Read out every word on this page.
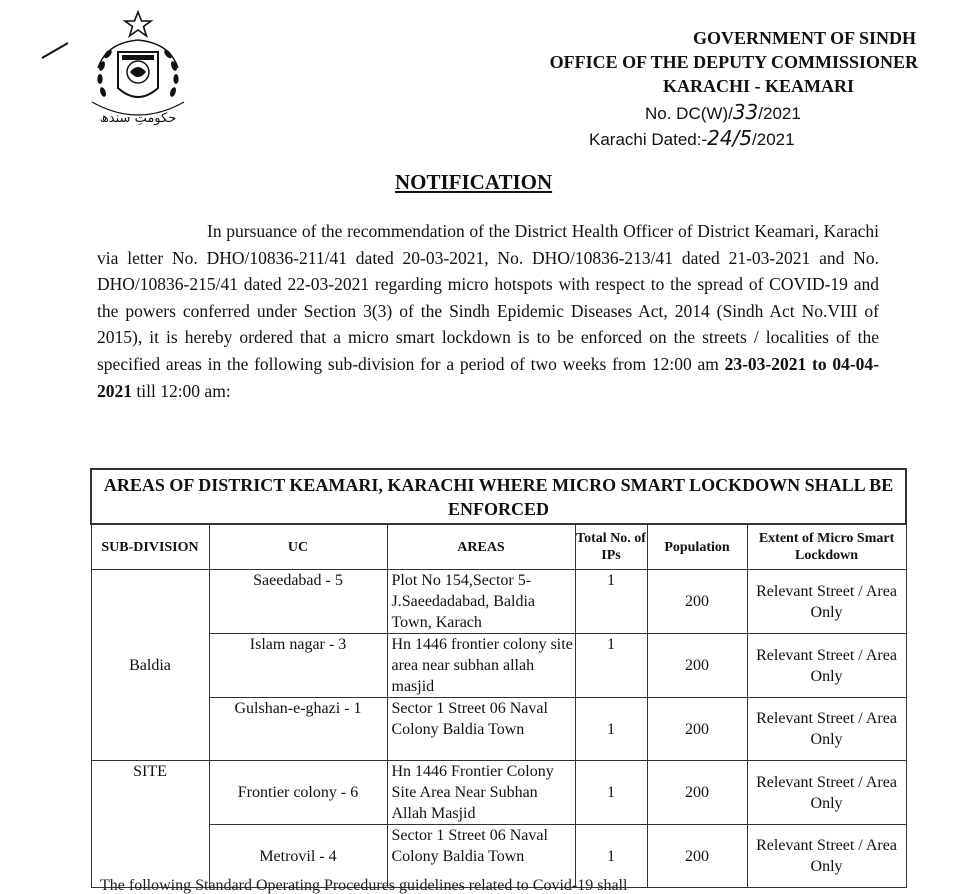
حکومتِ سندھ
GOVERNMENT OF SINDH
OFFICE OF THE DEPUTY COMMISSIONER
KARACHI - KEAMARI
No. DC(W)/33/2021
Karachi Dated:-24/5/2021
NOTIFICATION
In pursuance of the recommendation of the District Health Officer of District Keamari, Karachi via letter No. DHO/10836-211/41 dated 20-03-2021, No. DHO/10836-213/41 dated 21-03-2021 and No. DHO/10836-215/41 dated 22-03-2021 regarding micro hotspots with respect to the spread of COVID-19 and the powers conferred under Section 3(3) of the Sindh Epidemic Diseases Act, 2014 (Sindh Act No.VIII of 2015), it is hereby ordered that a micro smart lockdown is to be enforced on the streets / localities of the specified areas in the following sub-division for a period of two weeks from 12:00 am 23-03-2021 to 04-04-2021 till 12:00 am:
AREAS OF DISTRICT KEAMARI, KARACHI WHERE MICRO SMART LOCKDOWN SHALL BE ENFORCED					
SUB-DIVISION	UC	AREAS	Total No. of IPs	Population	Extent of Micro Smart Lockdown
Baldia	Saeedabad - 5	Plot No 154,Sector 5-J.Saeedadabad, Baldia Town, Karach	1	200	Relevant Street / Area Only
	Islam nagar - 3	Hn 1446 frontier colony site area near subhan allah masjid	1	200	Relevant Street / Area Only
	Gulshan-e-ghazi - 1	Sector 1 Street 06 Naval Colony Baldia Town	1	200	Relevant Street / Area Only
SITE	Frontier colony - 6	Hn 1446 Frontier Colony Site Area Near Subhan Allah Masjid	1	200	Relevant Street / Area Only
	Metrovil - 4	Sector 1 Street 06 Naval Colony Baldia Town	1	200	Relevant Street / Area Only
The following Standard Operating Procedures guidelines related to Covid-19 shall
